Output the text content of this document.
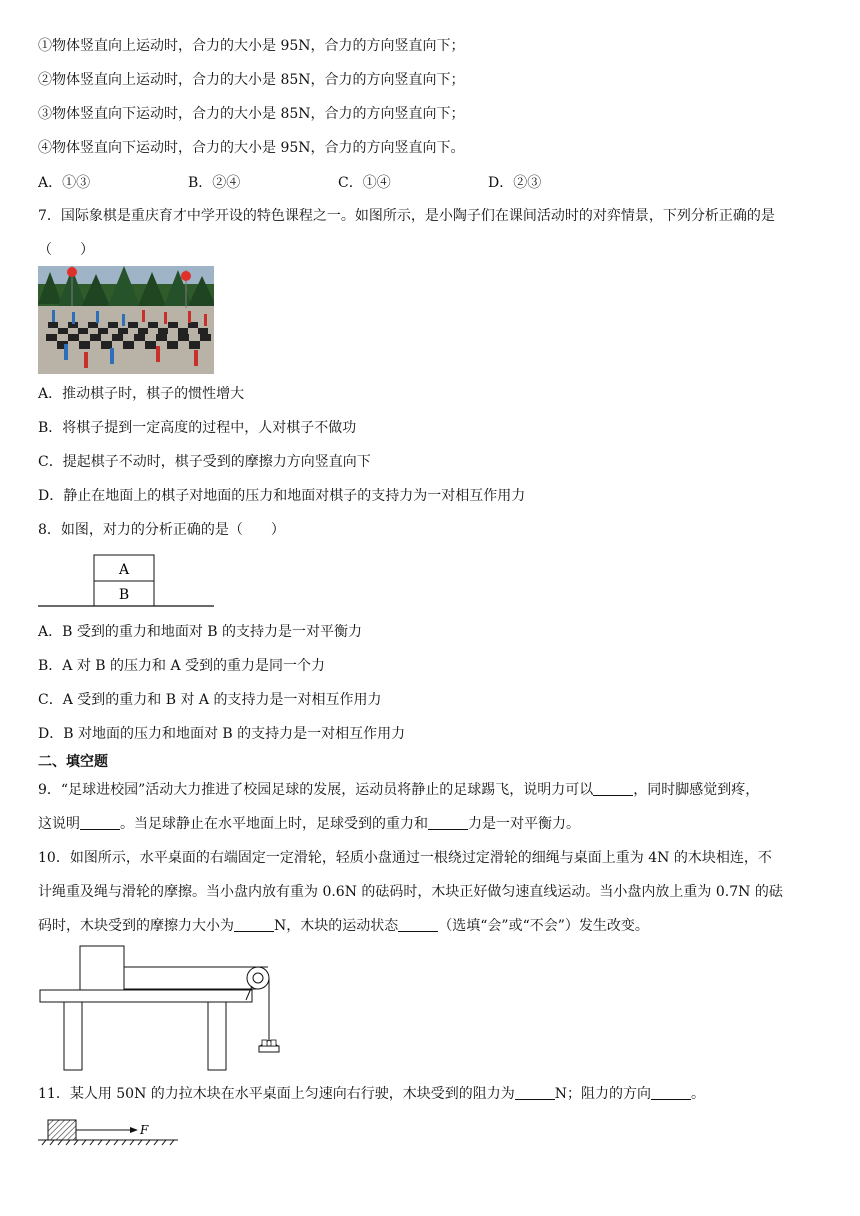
①物体竖直向上运动时，合力的大小是 95N，合力的方向竖直向下；
②物体竖直向上运动时，合力的大小是 85N，合力的方向竖直向下；
③物体竖直向下运动时，合力的大小是 85N，合力的方向竖直向下；
④物体竖直向下运动时，合力的大小是 95N，合力的方向竖直向下。
A．①③	B．②④	C．①④	D．②③
7．国际象棋是重庆育才中学开设的特色课程之一。如图所示，是小陶子们在课间活动时的对弈情景，下列分析正确的是
（　　）
A．推动棋子时，棋子的惯性增大
B．将棋子提到一定高度的过程中，人对棋子不做功
C．提起棋子不动时，棋子受到的摩擦力方向竖直向下
D．静止在地面上的棋子对地面的压力和地面对棋子的支持力为一对相互作用力
8．如图，对力的分析正确的是（　　）
A
B
A．B 受到的重力和地面对 B 的支持力是一对平衡力
B．A 对 B 的压力和 A 受到的重力是同一个力
C．A 受到的重力和 B 对 A 的支持力是一对相互作用力
D．B 对地面的压力和地面对 B 的支持力是一对相互作用力
二、填空题
9．“足球进校园”活动大力推进了校园足球的发展，运动员将静止的足球踢飞，说明力可以	，同时脚感觉到疼，
这说明	。当足球静止在水平地面上时，足球受到的重力和	力是一对平衡力。
10．如图所示，水平桌面的右端固定一定滑轮，轻质小盘通过一根绕过定滑轮的细绳与桌面上重为 4N 的木块相连，不
计绳重及绳与滑轮的摩擦。当小盘内放有重为 0.6N 的砝码时，木块正好做匀速直线运动。当小盘内放上重为 0.7N 的砝
码时，木块受到的摩擦力大小为	N，木块的运动状态	（选填“会”或“不会”）发生改变。
11．某人用 50N 的力拉木块在水平桌面上匀速向右行驶，木块受到的阻力为	N；阻力的方向	。
F
